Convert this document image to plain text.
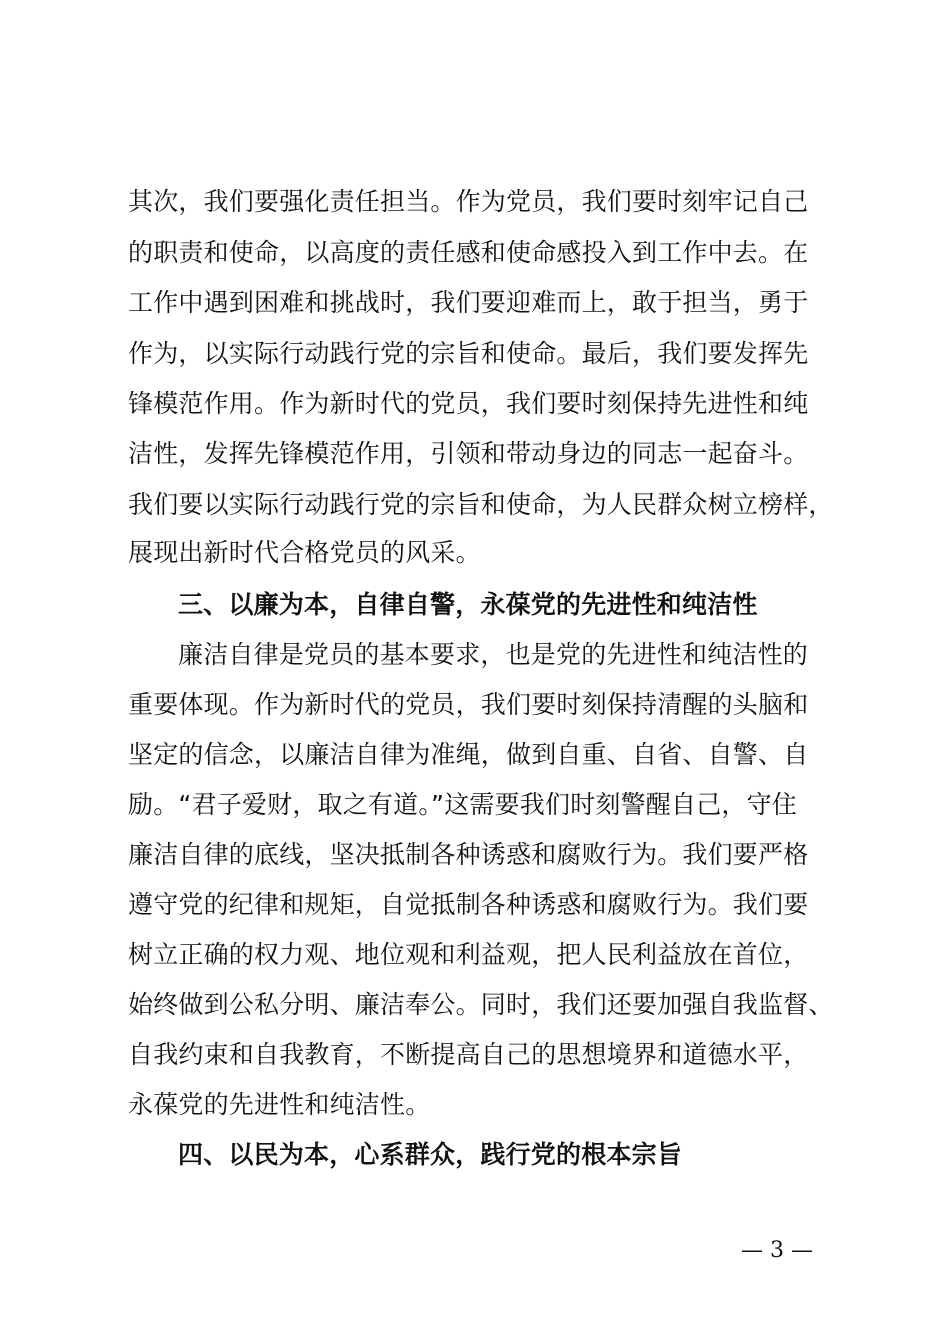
其次，我们要强化责任担当。作为党员，我们要时刻牢记自己
的职责和使命，以高度的责任感和使命感投入到工作中去。在
工作中遇到困难和挑战时，我们要迎难而上，敢于担当，勇于
作为，以实际行动践行党的宗旨和使命。最后，我们要发挥先
锋模范作用。作为新时代的党员，我们要时刻保持先进性和纯
洁性，发挥先锋模范作用，引领和带动身边的同志一起奋斗。
我们要以实际行动践行党的宗旨和使命，为人民群众树立榜样，
展现出新时代合格党员的风采。
三、以廉为本，自律自警，永葆党的先进性和纯洁性
廉洁自律是党员的基本要求，也是党的先进性和纯洁性的
重要体现。作为新时代的党员，我们要时刻保持清醒的头脑和
坚定的信念，以廉洁自律为准绳，做到自重、自省、自警、自
励。“君子爱财，取之有道。”这需要我们时刻警醒自己，守住
廉洁自律的底线，坚决抵制各种诱惑和腐败行为。我们要严格
遵守党的纪律和规矩，自觉抵制各种诱惑和腐败行为。我们要
树立正确的权力观、地位观和利益观，把人民利益放在首位，
始终做到公私分明、廉洁奉公。同时，我们还要加强自我监督、
自我约束和自我教育，不断提高自己的思想境界和道德水平，
永葆党的先进性和纯洁性。
四、以民为本，心系群众，践行党的根本宗旨
— 3 —
